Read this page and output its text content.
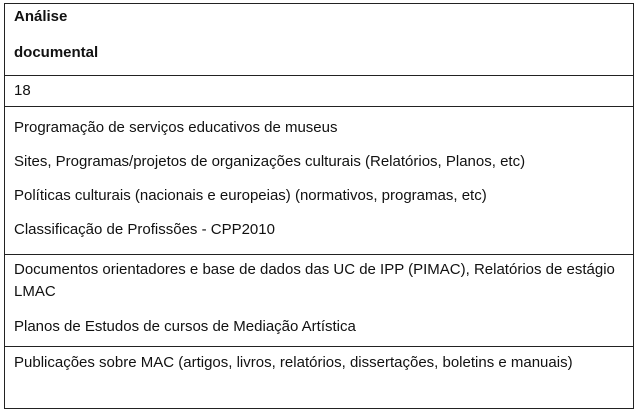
Análise
documental
18
Programação de serviços educativos de museus
Sites, Programas/projetos de organizações culturais (Relatórios, Planos, etc)
Políticas culturais (nacionais e europeias) (normativos, programas, etc)
Classificação de Profissões - CPP2010
Documentos orientadores e base de dados das UC de IPP (PIMAC), Relatórios de estágio LMAC
Planos de Estudos de cursos de Mediação Artística
Publicações sobre MAC (artigos, livros, relatórios, dissertações, boletins e manuais)
